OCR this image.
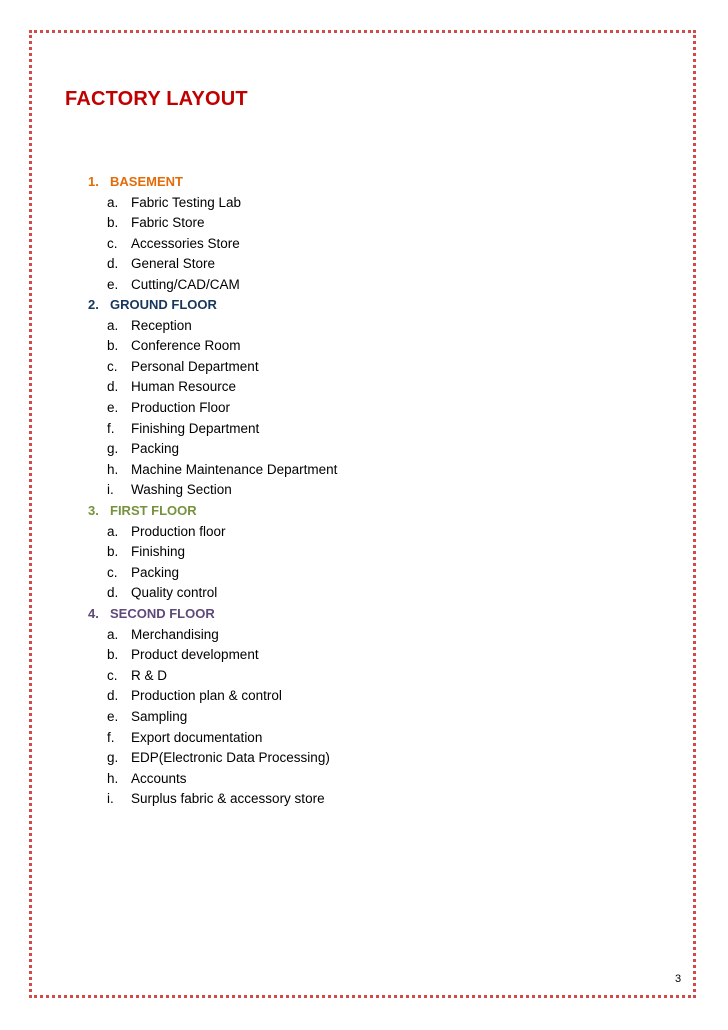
FACTORY LAYOUT
1. BASEMENT
a. Fabric Testing Lab
b. Fabric Store
c. Accessories Store
d. General Store
e. Cutting/CAD/CAM
2. GROUND FLOOR
a. Reception
b. Conference Room
c. Personal Department
d. Human Resource
e. Production Floor
f.	Finishing Department
g. Packing
h. Machine Maintenance Department
i.	Washing Section
3. FIRST FLOOR
a. Production floor
b. Finishing
c. Packing
d. Quality control
4. SECOND FLOOR
a. Merchandising
b. Product development
c. R & D
d. Production plan & control
e. Sampling
f.	Export documentation
g. EDP(Electronic Data Processing)
h. Accounts
i.	Surplus fabric & accessory store
3
